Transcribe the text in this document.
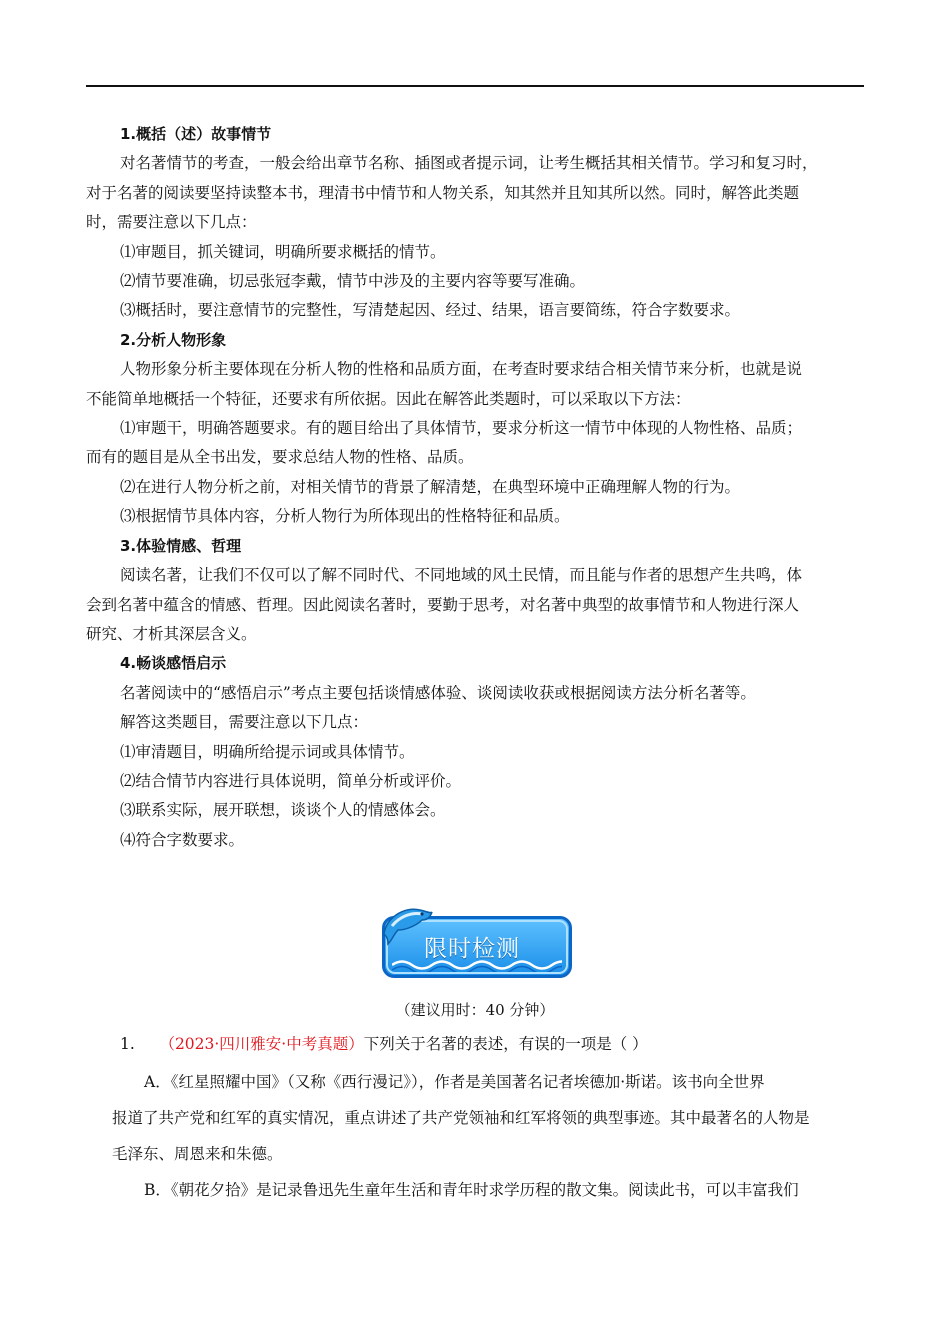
1.概括（述）故事情节
对名著情节的考查，一般会给出章节名称、插图或者提示词，让考生概括其相关情节。学习和复习时，
对于名著的阅读要坚持读整本书，理清书中情节和人物关系，知其然并且知其所以然。同时，解答此类题
时，需要注意以下几点：
⑴审题目，抓关键词，明确所要求概括的情节。
⑵情节要准确，切忌张冠李戴，情节中涉及的主要内容等要写准确。
⑶概括时，要注意情节的完整性，写清楚起因、经过、结果，语言要简练，符合字数要求。
2.分析人物形象
人物形象分析主要体现在分析人物的性格和品质方面，在考查时要求结合相关情节来分析，也就是说
不能简单地概括一个特征，还要求有所依据。因此在解答此类题时，可以采取以下方法：
⑴审题干，明确答题要求。有的题目给出了具体情节，要求分析这一情节中体现的人物性格、品质；
而有的题目是从全书出发，要求总结人物的性格、品质。
⑵在进行人物分析之前，对相关情节的背景了解清楚，在典型环境中正确理解人物的行为。
⑶根据情节具体内容，分析人物行为所体现出的性格特征和品质。
3.体验情感、哲理
阅读名著，让我们不仅可以了解不同时代、不同地域的风土民情，而且能与作者的思想产生共鸣，体
会到名著中蕴含的情感、哲理。因此阅读名著时，要勤于思考，对名著中典型的故事情节和人物进行深人
研究、才析其深层含义。
4.畅谈感悟启示
名著阅读中的“感悟启示”考点主要包括谈情感体验、谈阅读收获或根据阅读方法分析名著等。
解答这类题目，需要注意以下几点：
⑴审清题目，明确所给提示词或具体情节。
⑵结合情节内容进行具体说明，简单分析或评价。
⑶联系实际，展开联想，谈谈个人的情感体会。
⑷符合字数要求。
限时检测
（建议用时：40 分钟）
1. （2023·四川雅安·中考真题）下列关于名著的表述，有误的一项是（ ）
A．《红星照耀中国》（又称《西行漫记》），作者是美国著名记者埃德加·斯诺。该书向全世界
报道了共产党和红军的真实情况，重点讲述了共产党领袖和红军将领的典型事迹。其中最著名的人物是
毛泽东、周恩来和朱德。
B．《朝花夕拾》是记录鲁迅先生童年生活和青年时求学历程的散文集。阅读此书，可以丰富我们
